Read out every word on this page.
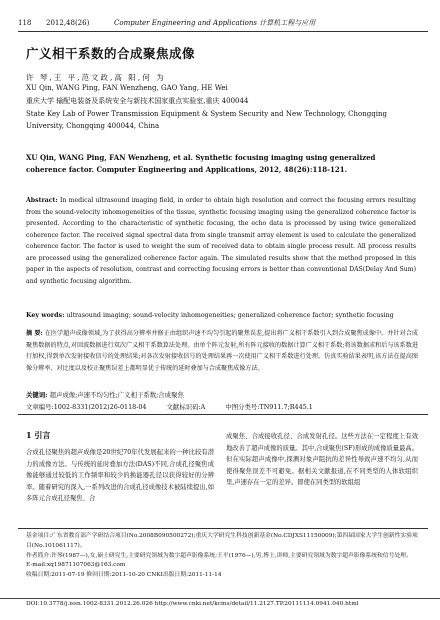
118 2012,48(26)	Computer Engineering and Applications 计算机工程与应用
广义相干系数的合成聚焦成像
许 琴,王 平,范文政,高 阳,何 为
XU Qin, WANG Ping, FAN Wenzheng, GAO Yang, HE Wei
重庆大学 输配电装备及系统安全与新技术国家重点实验室,重庆 400044
State Key Lab of Power Transmission Equipment & System Security and New Technology, Chongqing University, Chongqing 400044, China
XU Qin, WANG Ping, FAN Wenzheng, et al. Synthetic focusing imaging using generalized coherence factor. Computer Engineering and Applications, 2012, 48(26):118-121.
Abstract: In medical ultrasound imaging field, in order to obtain high resolution and correct the focusing errors resulting from the sound-velocity inhomogeneities of the tissue, synthetic focusing imaging using the generalized coherence factor is presented. According to the characteristic of synthetic focusing, the echo data is processed by using twice generalized coherence factor. The received signal spectral data from single transmit array element is used to calculate the generalized coherence factor. The factor is used to weight the sum of received data to obtain single process result. All process results are processed using the generalized coherence factor again. The simulated results show that the method proposed in this paper in the aspects of resolution, contrast and correcting focusing errors is better than conventional DAS(Delay And Sum) and synthetic focusing algorithm.
Key words: ultrasound imaging; sound-velocity inhomogeneities; generalized coherence factor; synthetic focusing
摘 要: 在医学超声成像领域,为了获得高分辨率并修正由组织声速不均匀引起的聚焦误差,提出将广义相干系数引入到合成聚焦成像中。并针对合成聚焦数据的特点,对回波数据进行双次广义相干系数算法处理。由单个阵元发射,所有阵元接收的数据计算广义相干系数;将该数据求和后与该系数进行加权,得到单次发射接收信号的处理结果;对各次发射接收信号的处理结果再一次使用广义相干系数进行处理。仿真实验结果表明,该方法在提高图像分辨率、对比度以及校正聚焦误差上都明显优于传统的延时叠加与合成聚焦成像方法。
关键词: 超声成像;声速不均匀性;广义相干系数;合成聚焦
文章编号:1002-8331(2012)26-0118-04	文献标识码:A	中图分类号:TN911.7;R445.1
1 引言
合成孔径聚焦的超声成像是20世纪70年代发展起来的一种比较有潜力的成像方法。与传统的延时叠加方法(DAS)不同,合成孔径聚焦成像能够通过较低的工作频率和较少的换能器孔径以获得较好的分辨率。随着研究的深入,一系列改进的合成孔径成像技术被陆续提出,如多阵元合成孔径聚焦、合
成聚焦、合成接收孔径、合成发射孔径。这些方法在一定程度上有效地改善了超声成像的质量。其中,合成聚焦(SF)形成的成像质量最高。但在实际超声成像中,探测对象声阻抗的差异性导致声速不均匀,从而使得聚焦误差不可避免。据相关文献报道,在不同类型的人体软组织里,声速存在一定的差异。即使在同类型的软组组
基金项目:广东省教育部产学研结合项目(No.2008B090500272);重庆大学研究生科技创新基金(No.CDJXS11150009);第四届国家大学生创新性实验项目(No.101061117)。
作者简介:许琴(1987—),女,硕士研究生,主要研究领域为数字超声影像系统;王平(1976—),男,博士,讲师,主要研究领域为数字超声影像系统和信号处理。E-mail:xq19871107063@163.com
收稿日期:2011-07-19 修回日期:2011-10-20 CNKI出版日期:2011-11-14
DOI:10.3778/j.issn.1002-8331.2012.26.026 http://www.cnki.net/kcms/detail/11.2127.TP.20111114.0941.040.html
